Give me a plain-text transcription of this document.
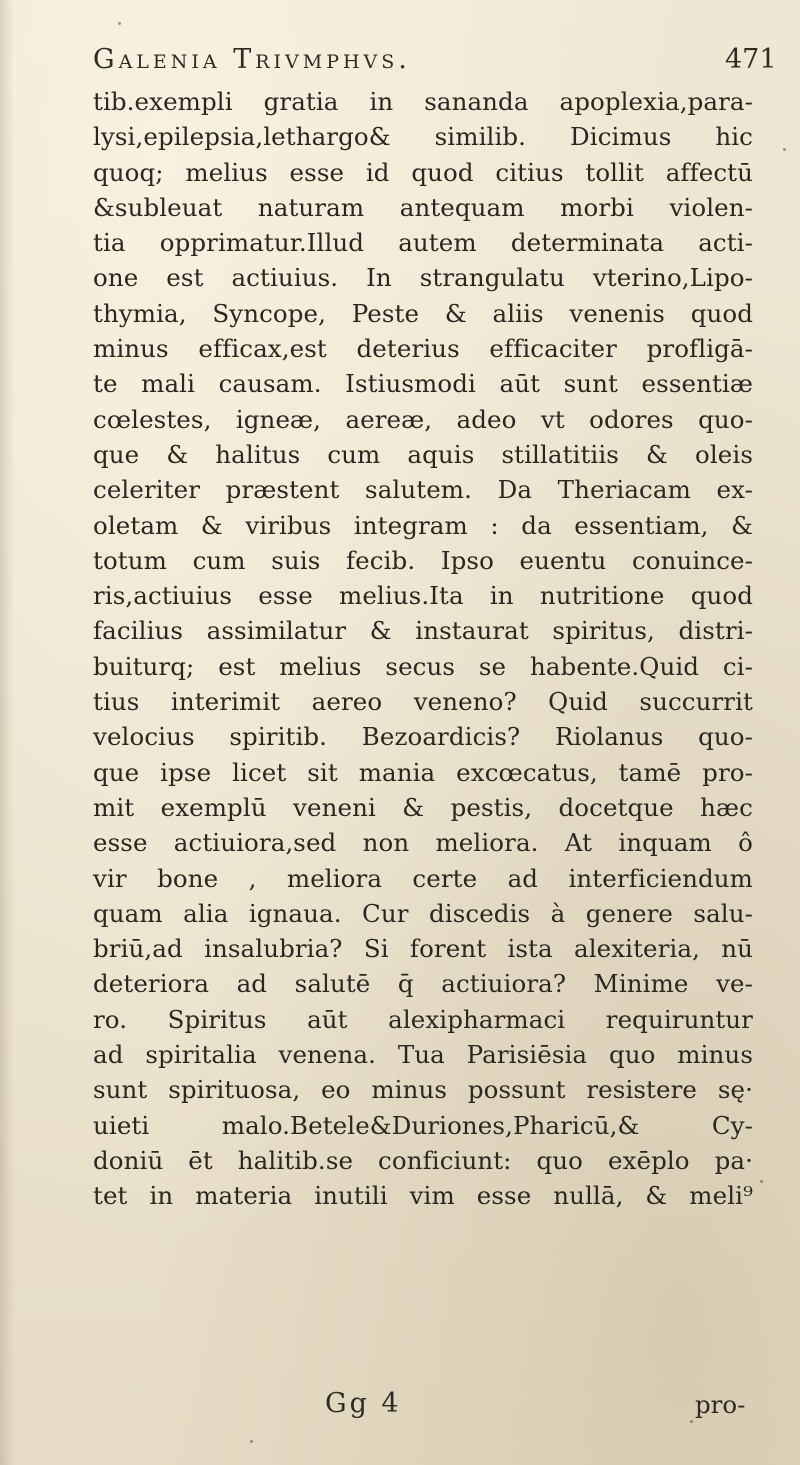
Galenia Trivmphvs.	471
tib.exempli gratia in sananda apoplexia,para-
lysi,epilepsia,lethargo& similib. Dicimus hic
quoq; melius esse id quod citius tollit affectū
&subleuat naturam antequam morbi violen-
tia opprimatur.Illud autem determinata acti-
one est actiuius. In strangulatu vterino,Lipo-
thymia, Syncope, Peste & aliis venenis quod
minus efficax,est deterius efficaciter profligā-
te mali causam. Istiusmodi aūt sunt essentiæ
cœlestes, igneæ, aereæ, adeo vt odores quo-
que & halitus cum aquis stillatitiis & oleis
celeriter præstent salutem. Da Theriacam ex-
oletam & viribus integram : da essentiam, &
totum cum suis fecib. Ipso euentu conuince-
ris,actiuius esse melius.Ita in nutritione quod
facilius assimilatur & instaurat spiritus, distri-
buiturq; est melius secus se habente.Quid ci-
tius interimit aereo veneno? Quid succurrit
velocius spiritib. Bezoardicis? Riolanus quo-
que ipse licet sit mania excœcatus, tamē pro-
mit exemplū veneni & pestis, docetque hæc
esse actiuiora,sed non meliora. At inquam ô
vir bone , meliora certe ad interficiendum
quam alia ignaua. Cur discedis à genere salu-
briū,ad insalubria? Si forent ista alexiteria, nū
deteriora ad salutē q̄ actiuiora? Minime ve-
ro. Spiritus aūt alexipharmaci requiruntur
ad spiritalia venena. Tua Parisiēsia quo minus
sunt spirituosa, eo minus possunt resistere sę·
uieti malo.Betele&Duriones,Pharicū,& Cy-
doniū ēt halitib.se conficiunt: quo exēplo pa·
tet in materia inutili vim esse nullā, & meli⁹
Gg 4	pro-
